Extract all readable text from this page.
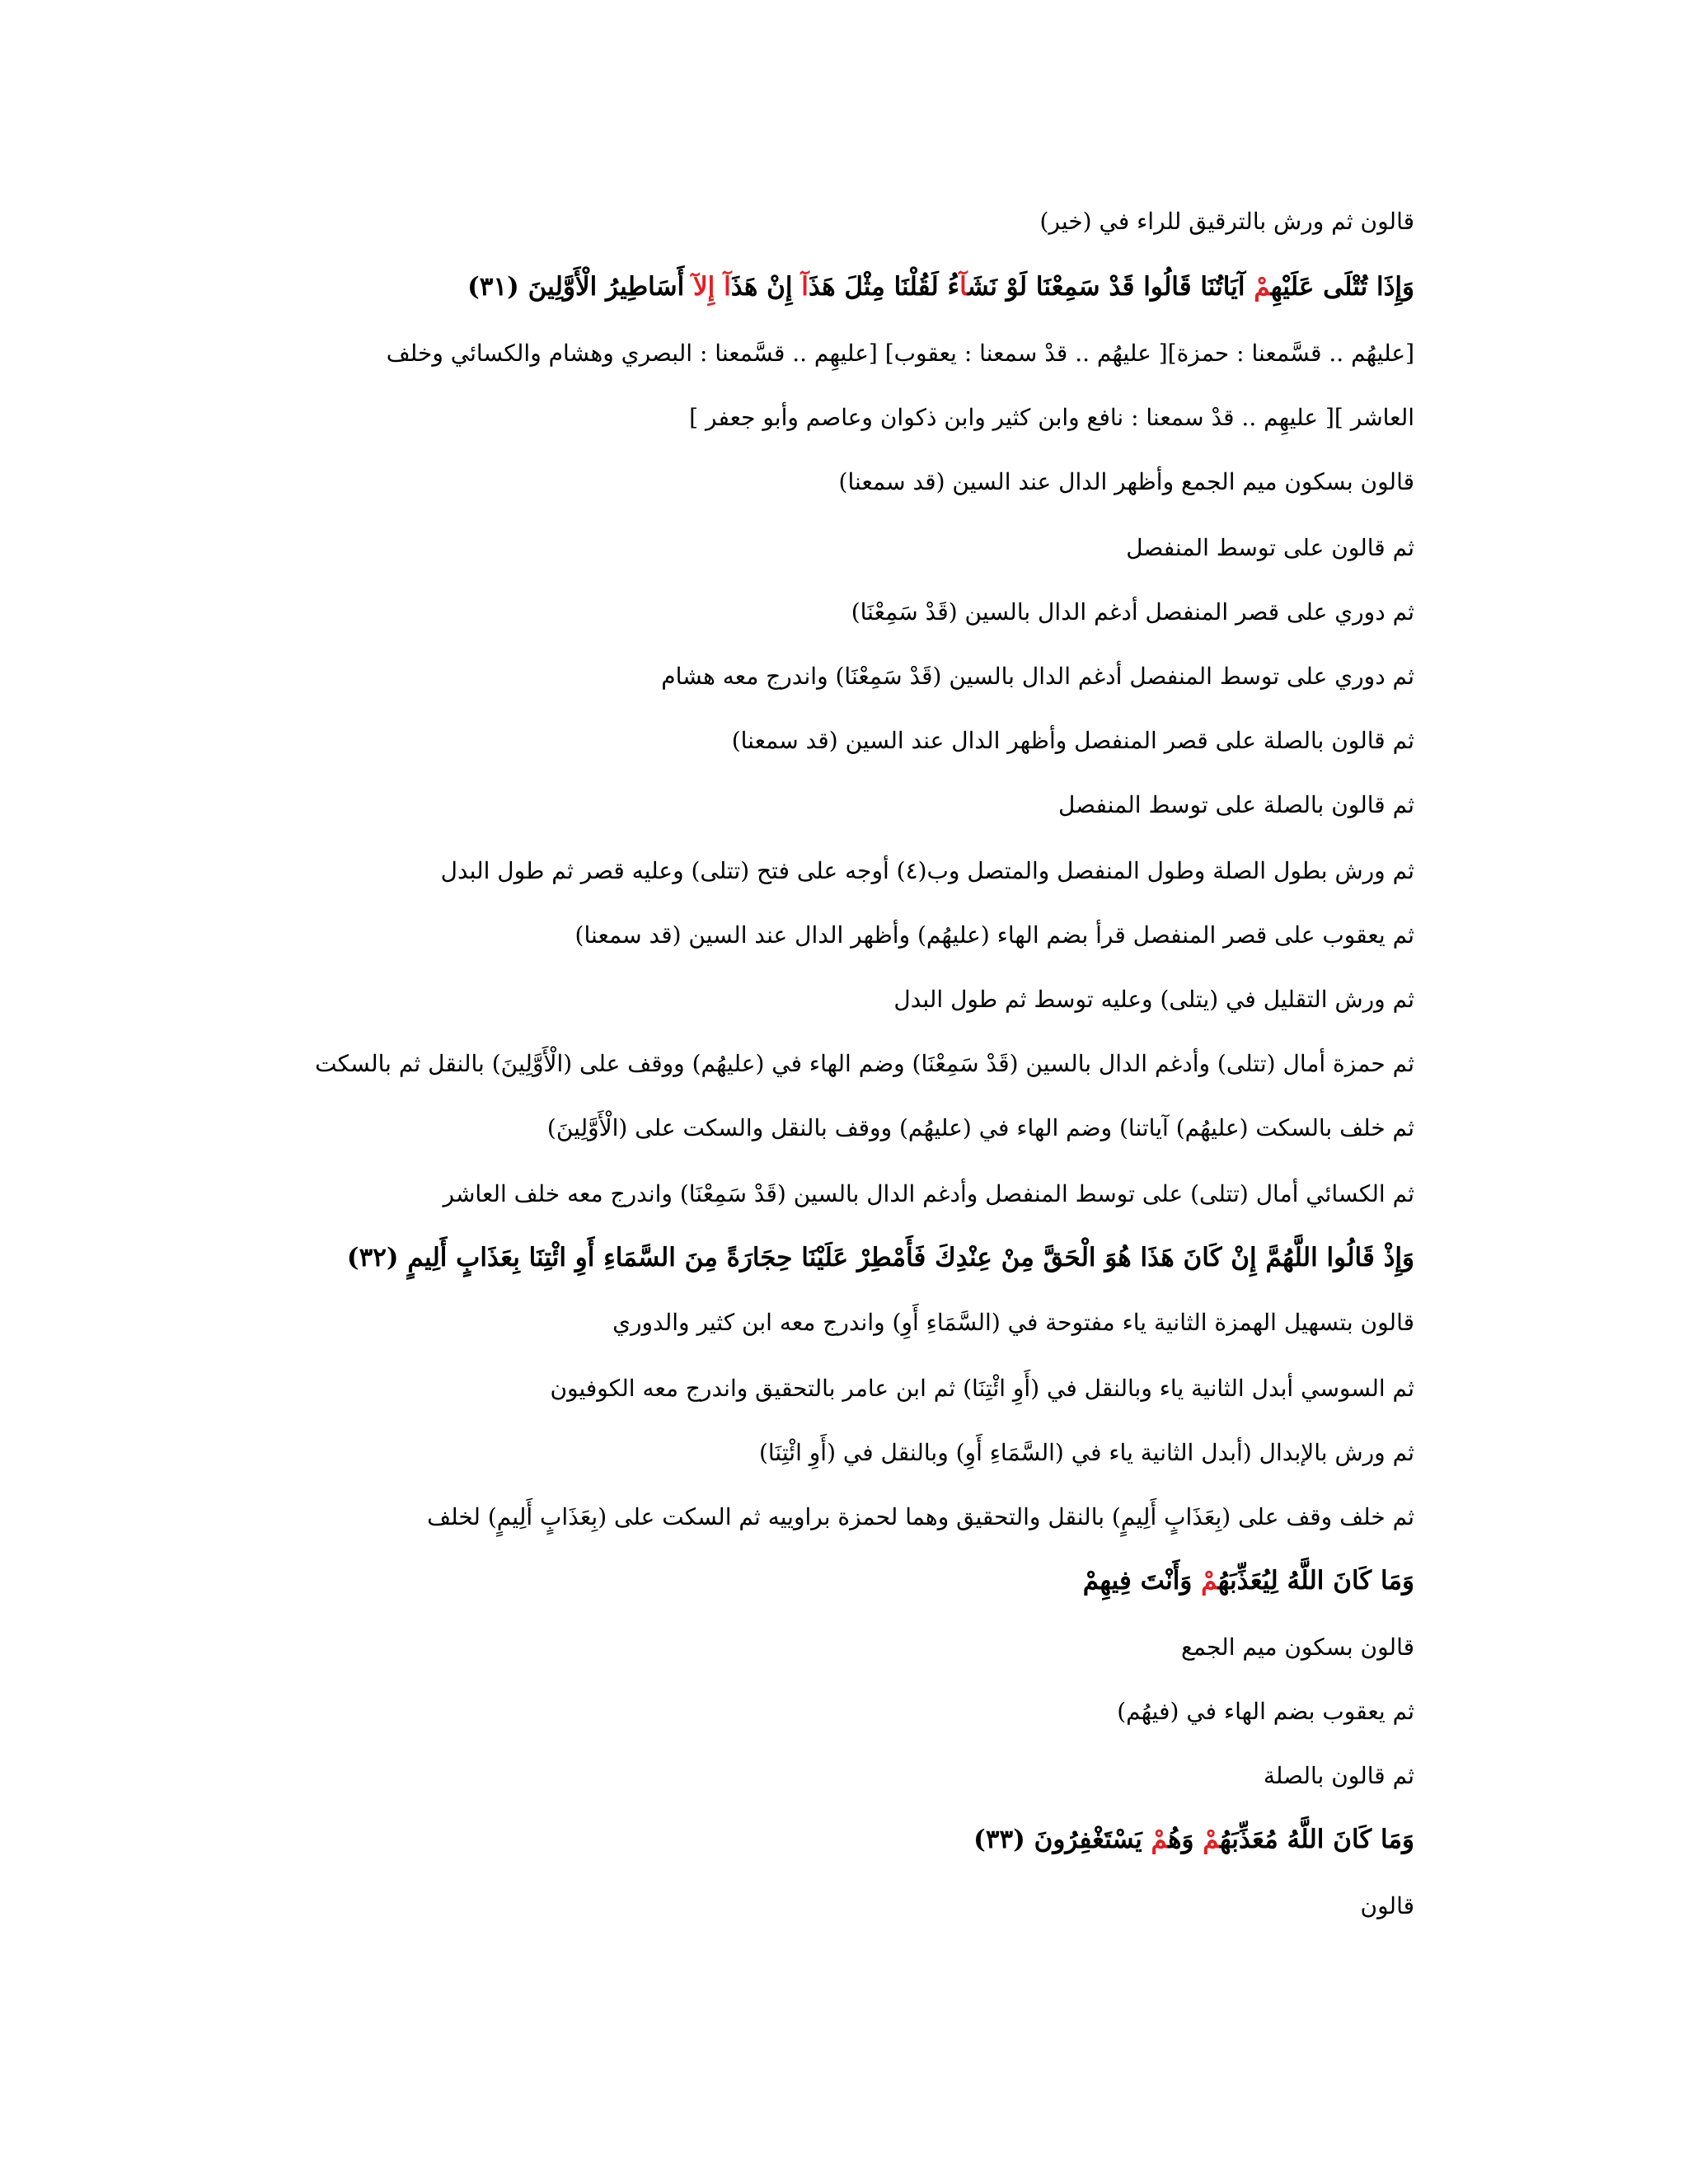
قالون ثم ورش بالترقيق للراء في (خير)
وَإِذَا تُتْلَى عَلَيْهِمْ آيَاتُنَا قَالُوا قَدْ سَمِعْنَا لَوْ نَشَآءُ لَقُلْنَا مِثْلَ هَذَآ إِنْ هَذَآ إِلآ أَسَاطِيرُ الْأَوَّلِينَ (٣١)
[عليهُم .. قسَّمعنا : حمزة][ عليهُم .. قدْ سمعنا : يعقوب] [عليهِم .. قسَّمعنا : البصري وهشام والكسائي وخلف
العاشر ][ عليهِم .. قدْ سمعنا : نافع وابن كثير وابن ذكوان وعاصم وأبو جعفر ]
قالون بسكون ميم الجمع وأظهر الدال عند السين (قد سمعنا)
ثم قالون على توسط المنفصل
ثم دوري على قصر المنفصل أدغم الدال بالسين (قَدْ سَمِعْنَا)
ثم دوري على توسط المنفصل أدغم الدال بالسين (قَدْ سَمِعْنَا) واندرج معه هشام
ثم قالون بالصلة على قصر المنفصل وأظهر الدال عند السين (قد سمعنا)
ثم قالون بالصلة على توسط المنفصل
ثم ورش بطول الصلة وطول المنفصل والمتصل وب(٤) أوجه على فتح (تتلى) وعليه قصر ثم طول البدل
ثم يعقوب على قصر المنفصل قرأ بضم الهاء (عليهُم) وأظهر الدال عند السين (قد سمعنا)
ثم ورش التقليل في (يتلى) وعليه توسط ثم طول البدل
ثم حمزة أمال (تتلى) وأدغم الدال بالسين (قَدْ سَمِعْنَا) وضم الهاء في (عليهُم) ووقف على (الْأَوَّلِينَ) بالنقل ثم بالسكت
ثم خلف بالسكت (عليهُم) آياتنا) وضم الهاء في (عليهُم) ووقف بالنقل والسكت على (الْأَوَّلِينَ)
ثم الكسائي أمال (تتلى) على توسط المنفصل وأدغم الدال بالسين (قَدْ سَمِعْنَا) واندرج معه خلف العاشر
وَإِذْ قَالُوا اللَّهُمَّ إِنْ كَانَ هَذَا هُوَ الْحَقَّ مِنْ عِنْدِكَ فَأَمْطِرْ عَلَيْنَا حِجَارَةً مِنَ السَّمَاءِ أَوِ ائْتِنَا بِعَذَابٍ أَلِيمٍ (٣٢)
قالون بتسهيل الهمزة الثانية ياء مفتوحة في (السَّمَاءِ أَوِ) واندرج معه ابن كثير والدوري
ثم السوسي أبدل الثانية ياء وبالنقل في (أَوِ ائْتِنَا) ثم ابن عامر بالتحقيق واندرج معه الكوفيون
ثم ورش بالإبدال (أبدل الثانية ياء في (السَّمَاءِ أَوِ) وبالنقل في (أَوِ ائْتِنَا)
ثم خلف وقف على (بِعَذَابٍ أَلِيمٍ) بالنقل والتحقيق وهما لحمزة براوييه ثم السكت على (بِعَذَابٍ أَلِيمٍ) لخلف
وَمَا كَانَ اللَّهُ لِيُعَذِّبَهُمْ وَأَنْتَ فِيهِمْ
قالون بسكون ميم الجمع
ثم يعقوب بضم الهاء في (فيهُم)
ثم قالون بالصلة
وَمَا كَانَ اللَّهُ مُعَذِّبَهُمْ وَهُمْ يَسْتَغْفِرُونَ (٣٣)
قالون
